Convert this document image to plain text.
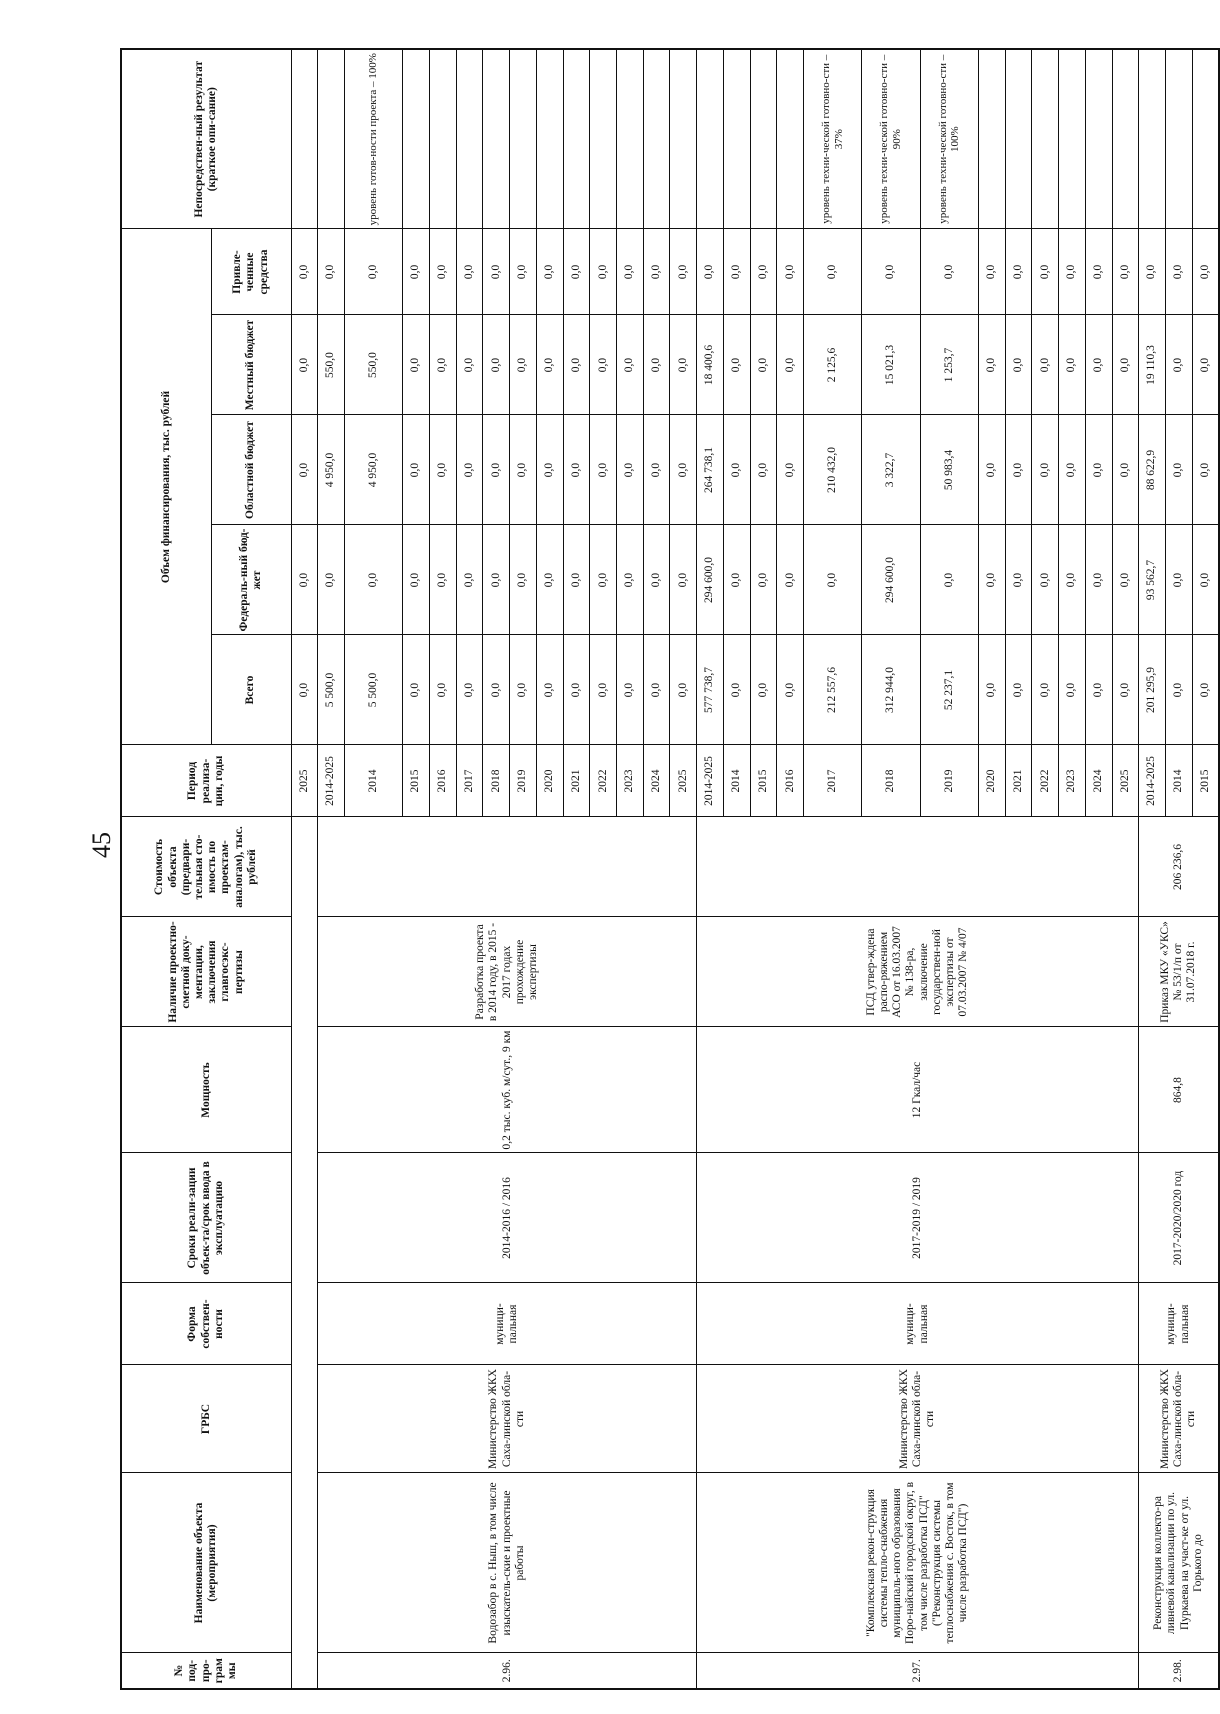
45
№ под-про-грам мы	Наименование объекта (мероприятия)	ГРБС	Форма собствен-ности	Сроки реали-зации объек-та/срок ввода в эксплуатацию	Мощность	Наличие проектно-сметной доку-ментации, заключения главгосэкс-пертизы	Стоимость объекта (предвари-тельная сто-имость по проектам-аналогам), тыс. рублей	Период реализа-ции, годы	Объем финансирования, тыс. рублей					Непосредствен-ный результат (краткое опи-сание)
									Всего	Федераль-ный бюд-жет	Областной бюджет	Местный бюджет	Привле-ченные средства	
								2025	0,0	0,0	0,0	0,0	0,0	
2.96.	Водозабор в с. Ныш, в том числе изыскатель-ские и проектные работы	Министерство ЖКХ Саха-линской обла-сти	муници-пальная	2014-2016 / 2016	0,2 тыс. куб. м/сут., 9 км	Разработка проекта в 2014 году, в 2015 - 2017 годах прохождение экспертизы		2014-2025	5 500,0	0,0	4 950,0	550,0	0,0	
								2014	5 500,0	0,0	4 950,0	550,0	0,0	уровень готов-ности проекта – 100%
								2015	0,0	0,0	0,0	0,0	0,0	
								2016	0,0	0,0	0,0	0,0	0,0	
								2017	0,0	0,0	0,0	0,0	0,0	
								2018	0,0	0,0	0,0	0,0	0,0	
								2019	0,0	0,0	0,0	0,0	0,0	
								2020	0,0	0,0	0,0	0,0	0,0	
								2021	0,0	0,0	0,0	0,0	0,0	
								2022	0,0	0,0	0,0	0,0	0,0	
								2023	0,0	0,0	0,0	0,0	0,0	
								2024	0,0	0,0	0,0	0,0	0,0	
								2025	0,0	0,0	0,0	0,0	0,0	
2.97.	"Комплексная рекон-струкция системы тепло-снабжения муниципаль-ного образования Поро-найский городской округ, в том числе разработка ПСД" ("Реконструкция системы теплоснабжения с. Восток, в том числе разработка ПСД")	Министерство ЖКХ Саха-линской обла-сти	муници-пальная	2017-2019 / 2019	12 Гкал/час	ПСД утвер-ждена распо-ряжением АСО от 16.03.2007 № 138-ра, заключение государствен-ной экспертизы от 07.03.2007 № 4/07		2014-2025	577 738,7	294 600,0	264 738,1	18 400,6	0,0	
								2014	0,0	0,0	0,0	0,0	0,0	
								2015	0,0	0,0	0,0	0,0	0,0	
								2016	0,0	0,0	0,0	0,0	0,0	
								2017	212 557,6	0,0	210 432,0	2 125,6	0,0	уровень техни-ческой готовно-сти – 37%
								2018	312 944,0	294 600,0	3 322,7	15 021,3	0,0	уровень техни-ческой готовно-сти – 90%
								2019	52 237,1	0,0	50 983,4	1 253,7	0,0	уровень техни-ческой готовно-сти – 100%
								2020	0,0	0,0	0,0	0,0	0,0	
								2021	0,0	0,0	0,0	0,0	0,0	
								2022	0,0	0,0	0,0	0,0	0,0	
								2023	0,0	0,0	0,0	0,0	0,0	
								2024	0,0	0,0	0,0	0,0	0,0	
								2025	0,0	0,0	0,0	0,0	0,0	
2.98.	Реконструкция коллекто-ра ливневой канализации по ул. Пуркаева на участ-ке от ул. Горького до	Министерство ЖКХ Саха-линской обла-сти	муници-пальная	2017-2020/2020 год	864,8	Приказ МКУ «УКС» № 53/1/п от 31.07.2018 г.	206 236,6	2014-2025	201 295,9	93 562,7	88 622,9	19 110,3	0,0	
								2014	0,0	0,0	0,0	0,0	0,0	
								2015	0,0	0,0	0,0	0,0	0,0	
